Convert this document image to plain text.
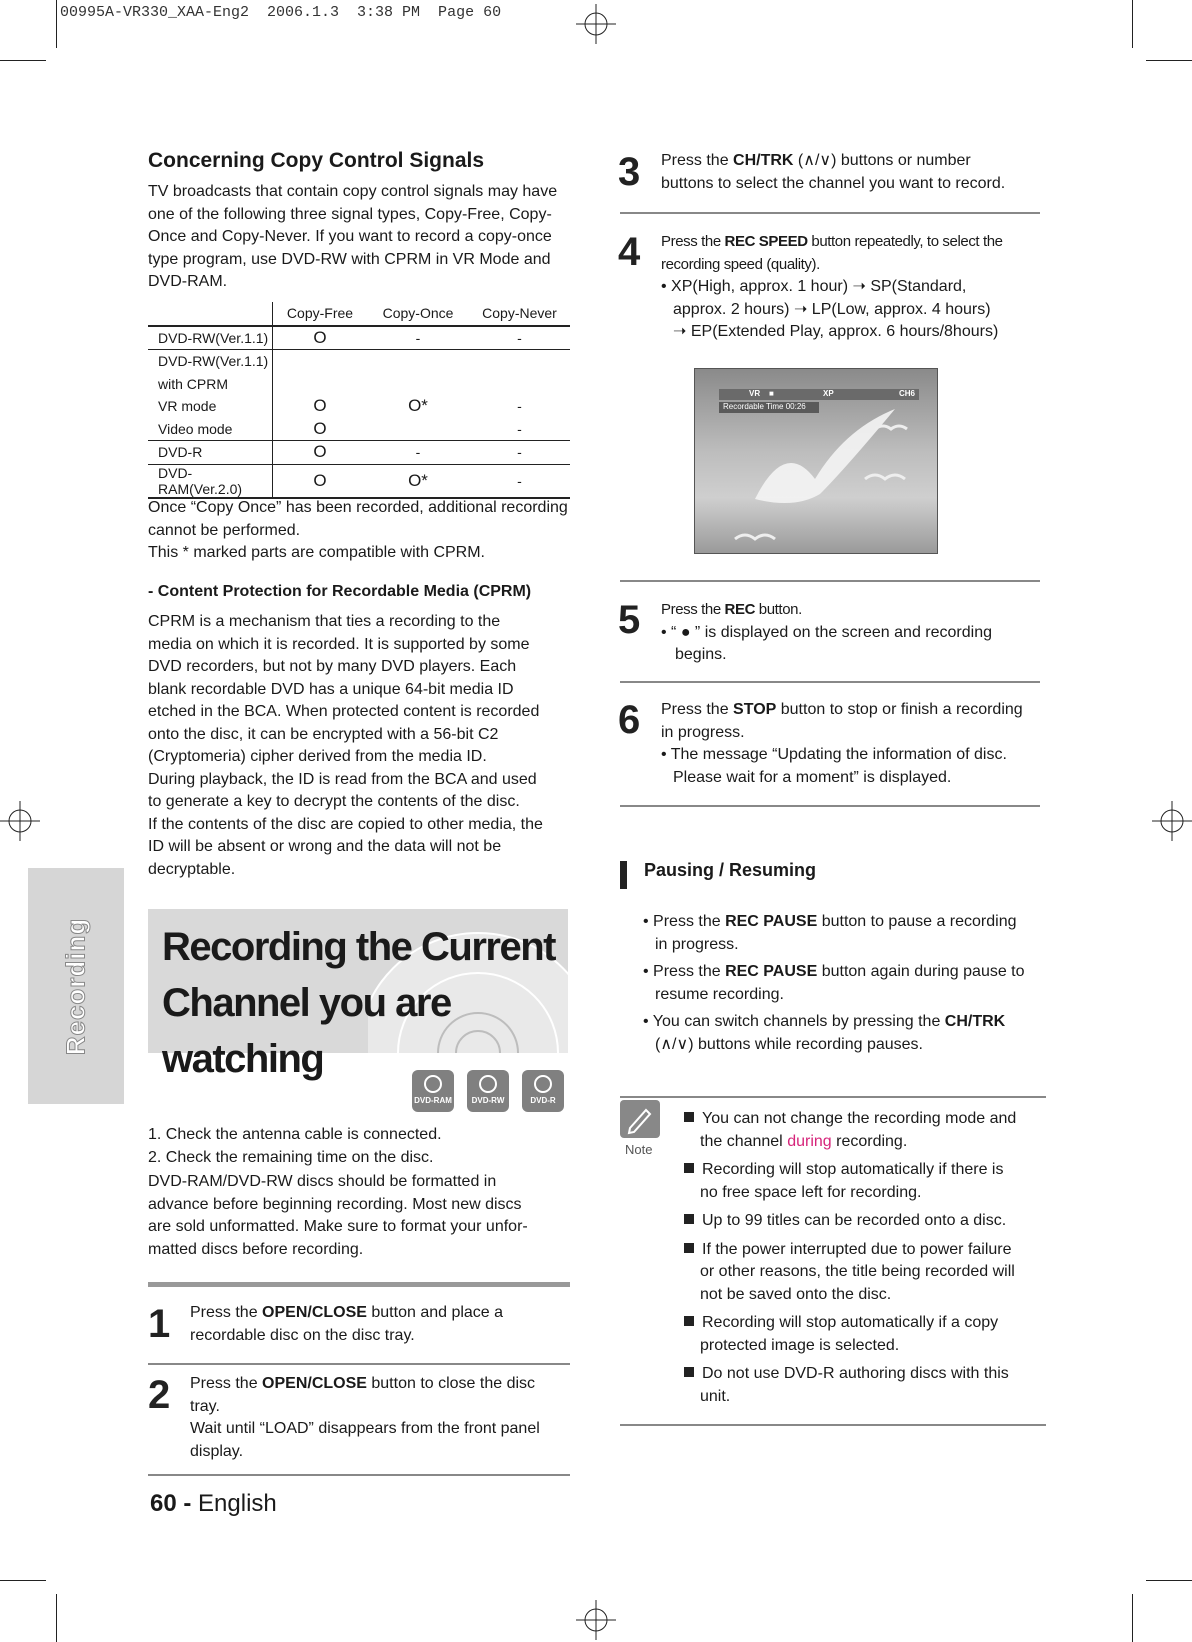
00995A-VR330_XAA-Eng2  2006.1.3  3:38 PM  Page 60
Recording
Concerning Copy Control Signals
TV broadcasts that contain copy control signals may have
one of the following three signal types, Copy-Free, Copy-
Once and Copy-Never. If you want to record a copy-once
type program, use DVD-RW with CPRM in VR Mode and
DVD-RAM.
	Copy-Free	Copy-Once	Copy-Never
DVD-RW(Ver.1.1)	O	-	-
DVD-RW(Ver.1.1)			
with CPRM			
VR mode	O	O*	-
Video mode	O		-
DVD-R	O	-	-
DVD-RAM(Ver.2.0)	O	O*	-
Once “Copy Once” has been recorded, additional recording
cannot be performed.
This * marked parts are compatible with CPRM.
- Content Protection for Recordable Media (CPRM)
CPRM is a mechanism that ties a recording to the
media on which it is recorded. It is supported by some
DVD recorders, but not by many DVD players. Each
blank recordable DVD has a unique 64-bit media ID
etched in the BCA. When protected content is recorded
onto the disc, it can be encrypted with a 56-bit C2
(Cryptomeria) cipher derived from the media ID.
During playback, the ID is read from the BCA and used
to generate a key to decrypt the contents of the disc.
If the contents of the disc are copied to other media, the
ID will be absent or wrong and the data will not be
decryptable.
Recording the Current
Channel you are watching
DVD-RAM	DVD-RW	DVD-R
1. Check the antenna cable is connected.
2. Check the remaining time on the disc.
DVD-RAM/DVD-RW discs should be formatted in
advance before beginning recording. Most new discs
are sold unformatted. Make sure to format your unfor-
matted discs before recording.
1 Press the OPEN/CLOSE button and place a
recordable disc on the disc tray.
2 Press the OPEN/CLOSE button to close the disc
tray.
Wait until “LOAD” disappears from the front panel
display.
60 - English
3 Press the CH/TRK (∧/∨) buttons or number
buttons to select the channel you want to record.
4 Press the REC SPEED button repeatedly, to select the
recording speed (quality).
• XP(High, approx. 1 hour) ➝ SP(Standard,
approx. 2 hours) ➝ LP(Low, approx. 4 hours)
➝ EP(Extended Play, approx. 6 hours/8hours)
VR ■	XP	CH6
Recordable Time 00:26
5 Press the REC button.
• “ ● ” is displayed on the screen and recording
begins.
6 Press the STOP button to stop or finish a recording
in progress.
• The message “Updating the information of disc.
Please wait for a moment” is displayed.
Pausing / Resuming
• Press the REC PAUSE button to pause a recording
in progress.
• Press the REC PAUSE button again during pause to
resume recording.
• You can switch channels by pressing the CH/TRK
(∧/∨) buttons while recording pauses.
Note
You can not change the recording mode and
the channel during recording.
Recording will stop automatically if there is
no free space left for recording.
Up to 99 titles can be recorded onto a disc.
If the power interrupted due to power failure
or other reasons, the title being recorded will
not be saved onto the disc.
Recording will stop automatically if a copy
protected image is selected.
Do not use DVD-R authoring discs with this
unit.
